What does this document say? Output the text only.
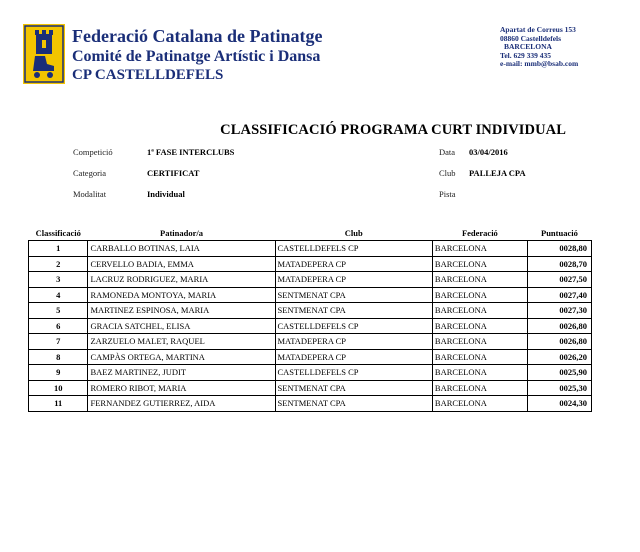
Federació Catalana de Patinatge
Comité de Patinatge Artístic i Dansa
CP CASTELLDEFELS
Apartat de Correus 153
08860 Castelldefels
BARCELONA
Tel. 629 339 435
e-mail: mmb@bsab.com
CLASSIFICACIÓ PROGRAMA CURT INDIVIDUAL
Competició	1ª FASE INTERCLUBS	Data 03/04/2016
Categoria	CERTIFICAT	Club PALLEJA CPA
Modalitat	Individual	Pista
Classificació	Patinador/a	Club	Federació	Puntuació
1	CARBALLO BOTINAS, LAIA	CASTELLDEFELS CP	BARCELONA	0028,80
2	CERVELLO BADIA, EMMA	MATADEPERA CP	BARCELONA	0028,70
3	LACRUZ RODRIGUEZ, MARIA	MATADEPERA CP	BARCELONA	0027,50
4	RAMONEDA MONTOYA, MARIA	SENTMENAT CPA	BARCELONA	0027,40
5	MARTINEZ ESPINOSA, MARIA	SENTMENAT CPA	BARCELONA	0027,30
6	GRACIA SATCHEL, ELISA	CASTELLDEFELS CP	BARCELONA	0026,80
7	ZARZUELO MALET, RAQUEL	MATADEPERA CP	BARCELONA	0026,80
8	CAMPÀS ORTEGA, MARTINA	MATADEPERA CP	BARCELONA	0026,20
9	BAEZ MARTINEZ, JUDIT	CASTELLDEFELS CP	BARCELONA	0025,90
10	ROMERO RIBOT, MARIA	SENTMENAT CPA	BARCELONA	0025,30
11	FERNANDEZ GUTIERREZ, AIDA	SENTMENAT CPA	BARCELONA	0024,30
